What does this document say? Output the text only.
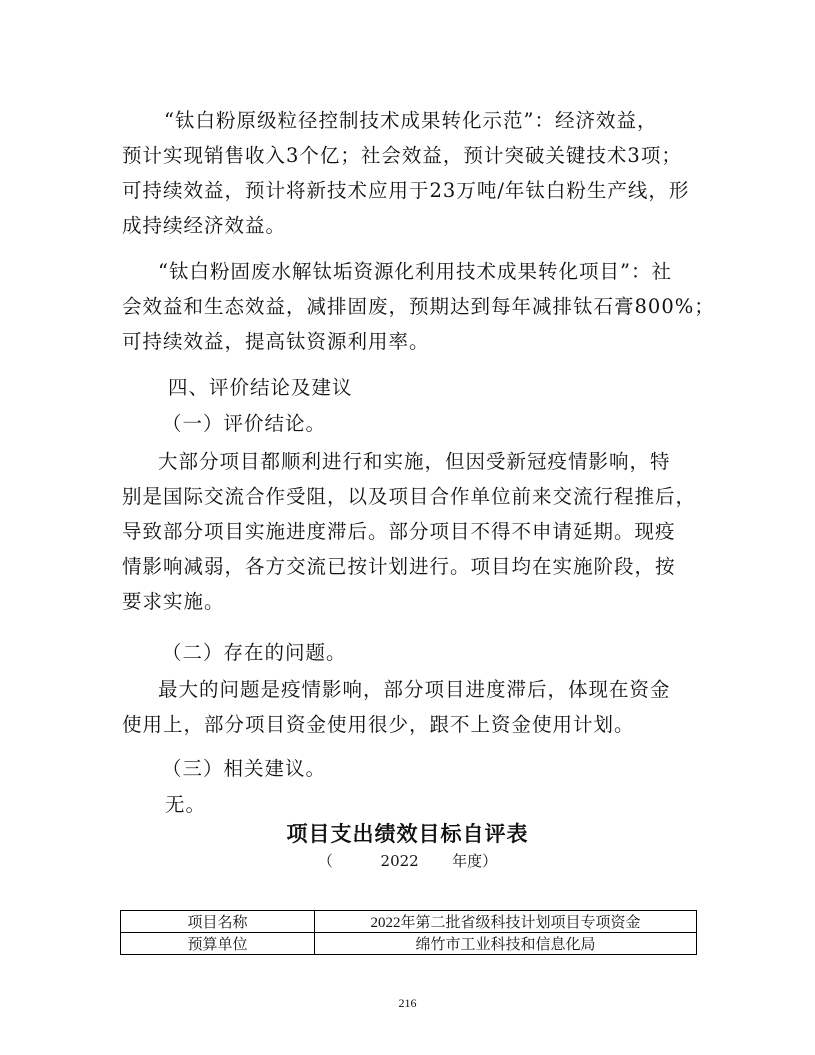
“钛白粉原级粒径控制技术成果转化示范”：经济效益，
预计实现销售收入3个亿；社会效益，预计突破关键技术3项；
可持续效益，预计将新技术应用于23万吨/年钛白粉生产线，形
成持续经济效益。
“钛白粉固废水解钛垢资源化利用技术成果转化项目”：社
会效益和生态效益，减排固废，预期达到每年减排钛石膏800%；
可持续效益，提高钛资源利用率。

四、评价结论及建议

（一）评价结论。

大部分项目都顺利进行和实施，但因受新冠疫情影响，特
别是国际交流合作受阻，以及项目合作单位前来交流行程推后，
导致部分项目实施进度滞后。部分项目不得不申请延期。现疫
情影响减弱，各方交流已按计划进行。项目均在实施阶段，按
要求实施。

（二）存在的问题。

最大的问题是疫情影响，部分项目进度滞后，体现在资金
使用上，部分项目资金使用很少，跟不上资金使用计划。

（三）相关建议。

无。

项目支出绩效目标自评表

（          2022       年度）

项目名称	2022年第二批省级科技计划项目专项资金
预算单位	绵竹市工业科技和信息化局

216
